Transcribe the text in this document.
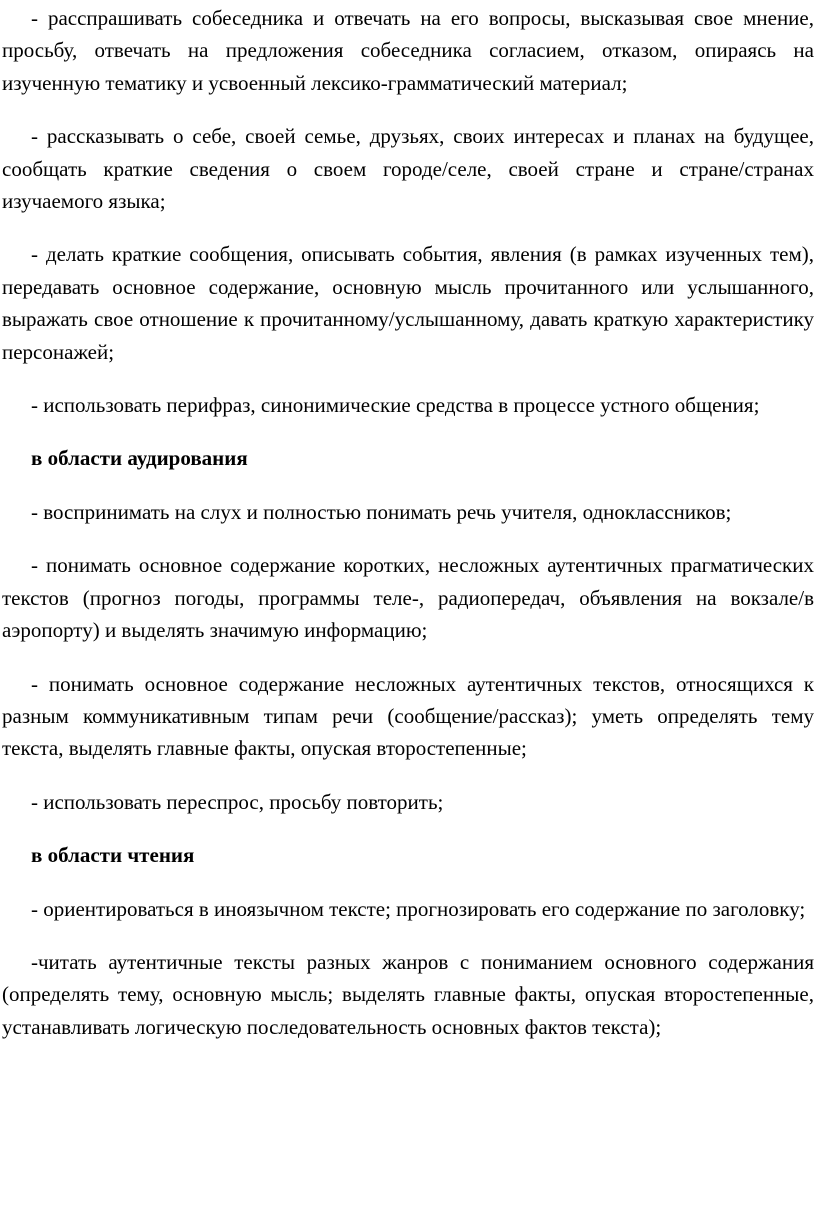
- расспрашивать собеседника и отвечать на его вопросы, высказывая свое мнение, просьбу, отвечать на предложения собеседника согласием, отказом, опираясь на изученную тематику и усвоенный лексико-грамматический материал;

- рассказывать о себе, своей семье, друзьях, своих интересах и планах на будущее, сообщать краткие сведения о своем городе/селе, своей стране и стране/странах изучаемого языка;

- делать краткие сообщения, описывать события, явления (в рамках изученных тем), передавать основное содержание, основную мысль прочитанного или услышанного, выражать свое отношение к прочитанному/услышанному, давать краткую характеристику персонажей;

- использовать перифраз, синонимические средства в процессе устного общения;

в области аудирования

- воспринимать на слух и полностью понимать речь учителя, одноклассников;

- понимать основное содержание коротких, несложных аутентичных прагматических текстов (прогноз погоды, программы теле-, радиопередач, объявления на вокзале/в аэропорту) и выделять значимую информацию;

- понимать основное содержание несложных аутентичных текстов, относящихся к разным коммуникативным типам речи (сообщение/рассказ); уметь определять тему текста, выделять главные факты, опуская второстепенные;

- использовать переспрос, просьбу повторить;

в области чтения

- ориентироваться в иноязычном тексте; прогнозировать его содержание по заголовку;

-читать аутентичные тексты разных жанров с пониманием основного содержания (определять тему, основную мысль; выделять главные факты, опуская второстепенные, устанавливать логическую последовательность основных фактов текста);
